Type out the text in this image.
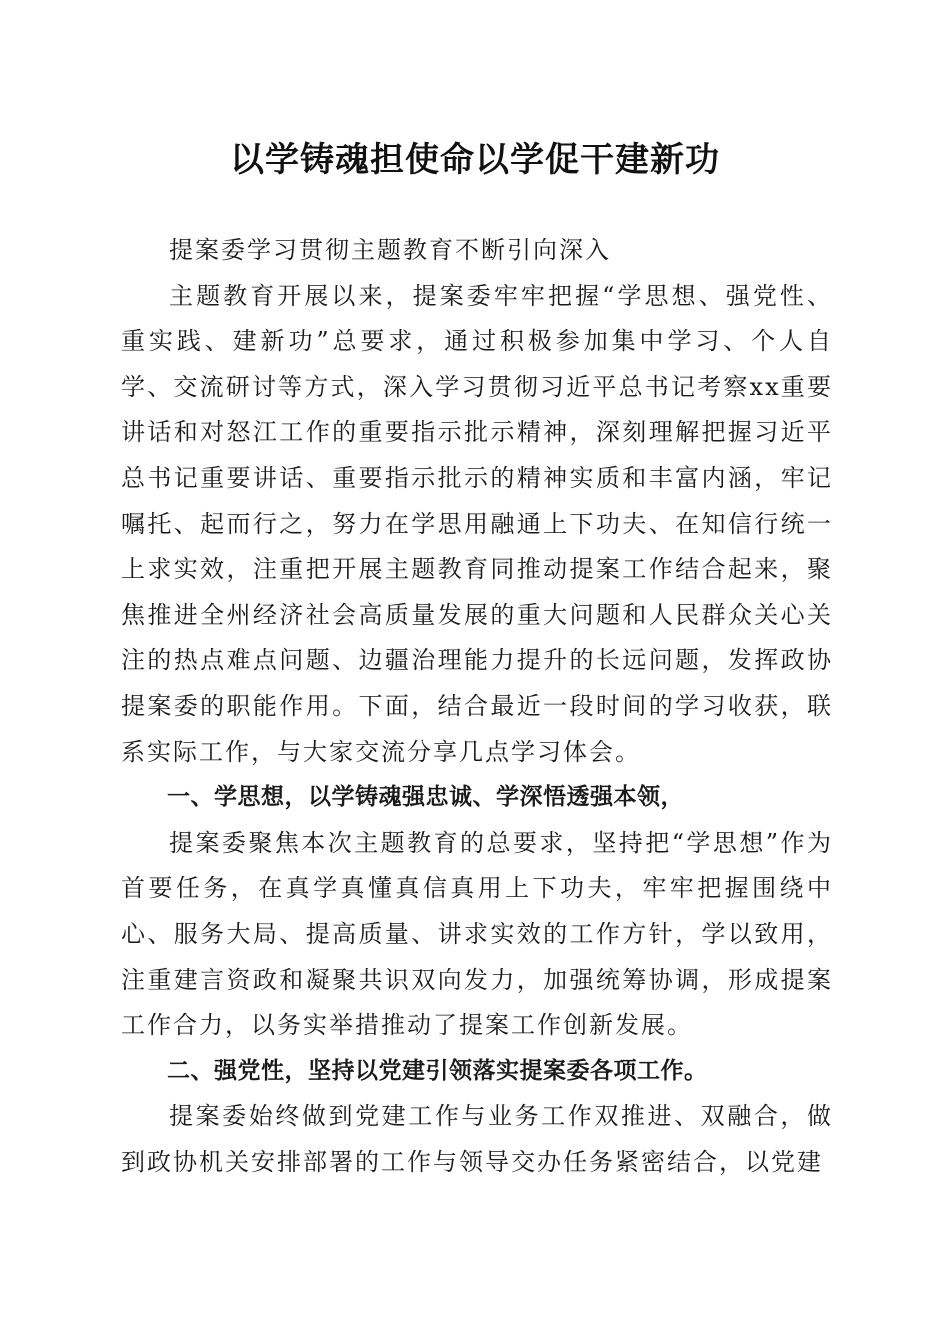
以学铸魂担使命以学促干建新功

提案委学习贯彻主题教育不断引向深入

主题教育开展以来，提案委牢牢把握“学思想、强党性、重实践、建新功”总要求，通过积极参加集中学习、个人自学、交流研讨等方式，深入学习贯彻习近平总书记考察xx重要讲话和对怒江工作的重要指示批示精神，深刻理解把握习近平总书记重要讲话、重要指示批示的精神实质和丰富内涵，牢记嘱托、起而行之，努力在学思用融通上下功夫、在知信行统一上求实效，注重把开展主题教育同推动提案工作结合起来，聚焦推进全州经济社会高质量发展的重大问题和人民群众关心关注的热点难点问题、边疆治理能力提升的长远问题，发挥政协提案委的职能作用。下面，结合最近一段时间的学习收获，联系实际工作，与大家交流分享几点学习体会。

一、学思想，以学铸魂强忠诚、学深悟透强本领，

提案委聚焦本次主题教育的总要求，坚持把“学思想”作为首要任务，在真学真懂真信真用上下功夫，牢牢把握围绕中心、服务大局、提高质量、讲求实效的工作方针，学以致用，注重建言资政和凝聚共识双向发力，加强统筹协调，形成提案工作合力，以务实举措推动了提案工作创新发展。

二、强党性，坚持以党建引领落实提案委各项工作。

提案委始终做到党建工作与业务工作双推进、双融合，做到政协机关安排部署的工作与领导交办任务紧密结合，以党建
